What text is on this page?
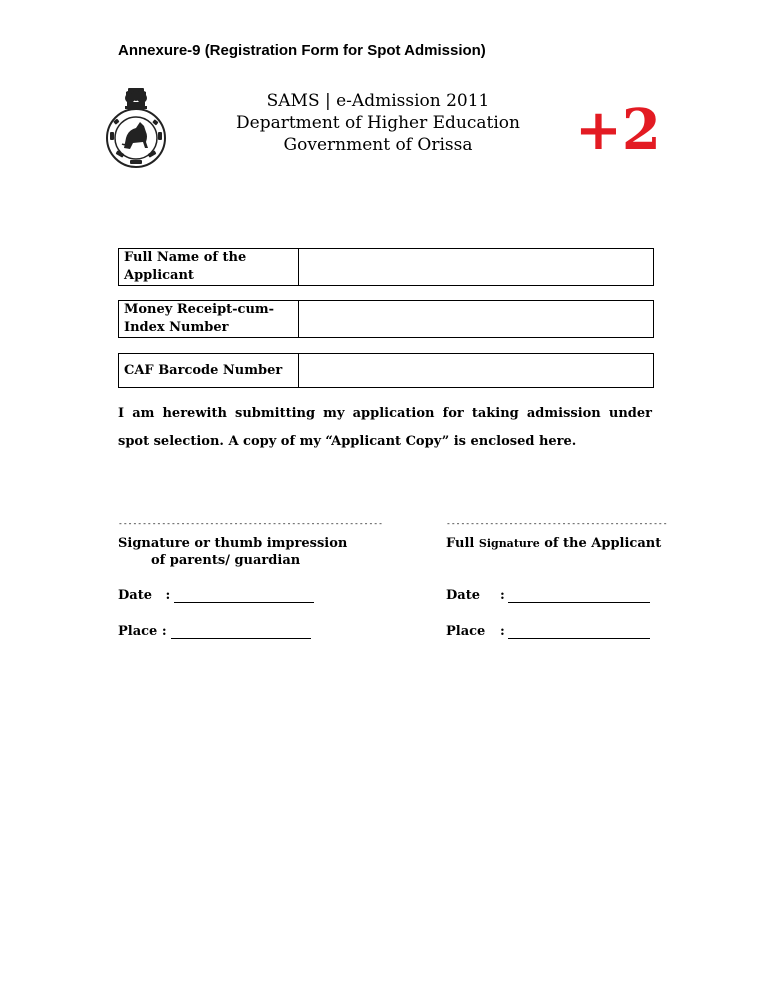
Annexure-9 (Registration Form for Spot Admission)
SAMS | e-Admission 2011
Department of Higher Education
Government of Orissa	+2
Full Name of the Applicant
Money Receipt-cum-Index Number
CAF Barcode Number
I am herewith submitting my application for taking admission under spot selection. A copy of my “Applicant Copy” is enclosed here.
-------------------------------------------------------
Signature or thumb impression
of parents/ guardian
----------------------------------------------
Full Signature of the Applicant
Date   :
Place :
Date	:
Place	:
